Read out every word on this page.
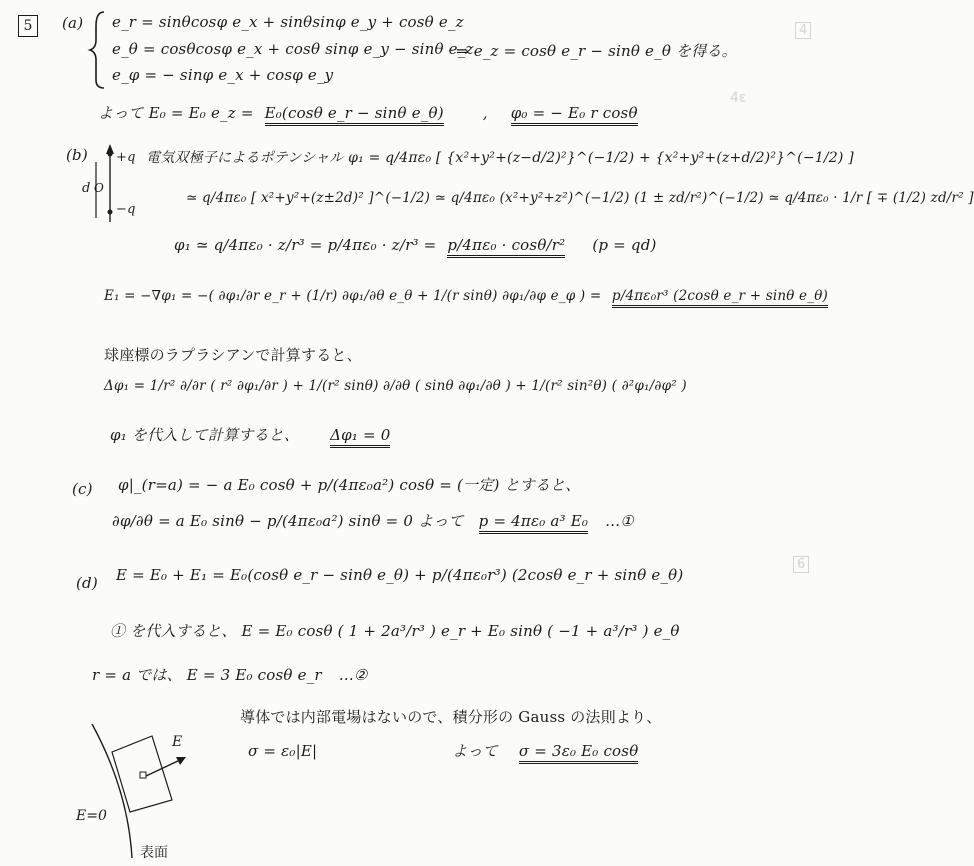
4ε
4
6
5	(a) e_r = sinθcosφ e_x + sinθsinφ e_y + cosθ e_z
e_θ = cosθcosφ e_x + cosθ sinφ e_y − sinθ e_z
e_φ = − sinφ e_x + cosφ e_y
⇒ e_z = cosθ e_r − sinθ e_θ を得る。
よって E₀ = E₀ e_z = E₀(cosθ e_r − sinθ e_θ)	, φ₀ = − E₀ r cosθ
(b) +q
−q
d O
電気双極子によるポテンシャル φ₁ = q/4πε₀ [ {x²+y²+(z−d/2)²}^(−1/2) + {x²+y²+(z+d/2)²}^(−1/2) ]
≃ q/4πε₀ [ x²+y²+(z±2d)² ]^(−1/2) ≃ q/4πε₀ (x²+y²+z²)^(−1/2) (1 ± zd/r²)^(−1/2) ≃ q/4πε₀ · 1/r [ ∓ (1/2) zd/r² ]
φ₁ ≃ q/4πε₀ · z/r³ = p/4πε₀ · z/r³ = p/4πε₀ · cosθ/r² (p = qd)
E₁ = −∇φ₁ = −( ∂φ₁/∂r e_r + (1/r) ∂φ₁/∂θ e_θ + 1/(r sinθ) ∂φ₁/∂φ e_φ ) = p/4πε₀r³ (2cosθ e_r + sinθ e_θ)
球座標のラプラシアンで計算すると、
Δφ₁ = 1/r² ∂/∂r ( r² ∂φ₁/∂r ) + 1/(r² sinθ) ∂/∂θ ( sinθ ∂φ₁/∂θ ) + 1/(r² sin²θ) ( ∂²φ₁/∂φ² )
φ₁ を代入して計算すると、 Δφ₁ = 0
(c) φ|_(r=a) = − a E₀ cosθ + p/(4πε₀a²) cosθ = (一定) とすると、
∂φ/∂θ = a E₀ sinθ − p/(4πε₀a²) sinθ = 0 よって p = 4πε₀ a³ E₀ …①
(d) E = E₀ + E₁ = E₀(cosθ e_r − sinθ e_θ) + p/(4πε₀r³) (2cosθ e_r + sinθ e_θ)
① を代入すると、 E = E₀ cosθ ( 1 + 2a³/r³ ) e_r + E₀ sinθ ( −1 + a³/r³ ) e_θ
r = a では、 E = 3 E₀ cosθ e_r …②
導体では内部電場はないので、積分形の Gauss の法則より、
σ = ε₀|E|	よって σ = 3ε₀ E₀ cosθ
E
E=0
表面
